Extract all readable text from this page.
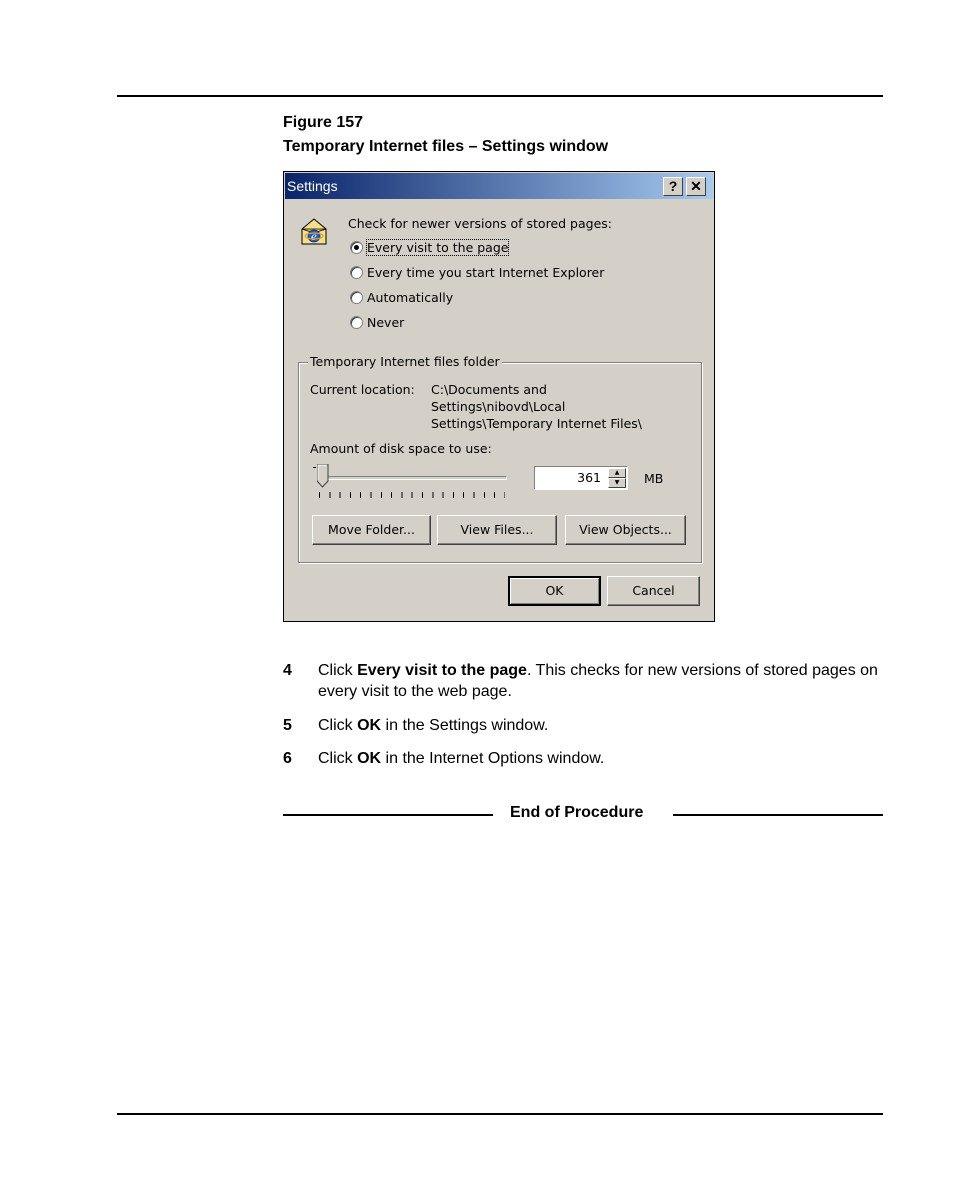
Figure 157
Temporary Internet files – Settings window
Settings	? ✕
e
Check for newer versions of stored pages:
Every visit to the page
Every time you start Internet Explorer
Automatically
Never
Temporary Internet files folder
Current location: C:\Documents and
Settings\nibovd\Local
Settings\Temporary Internet Files\
Amount of disk space to use:
361	▲
▼	MB
Move Folder...	View Files...	View Objects...
OK	Cancel
4 Click Every visit to the page. This checks for new versions of stored pages on every visit to the web page.
5 Click OK in the Settings window.
6 Click OK in the Internet Options window.
End of Procedure
